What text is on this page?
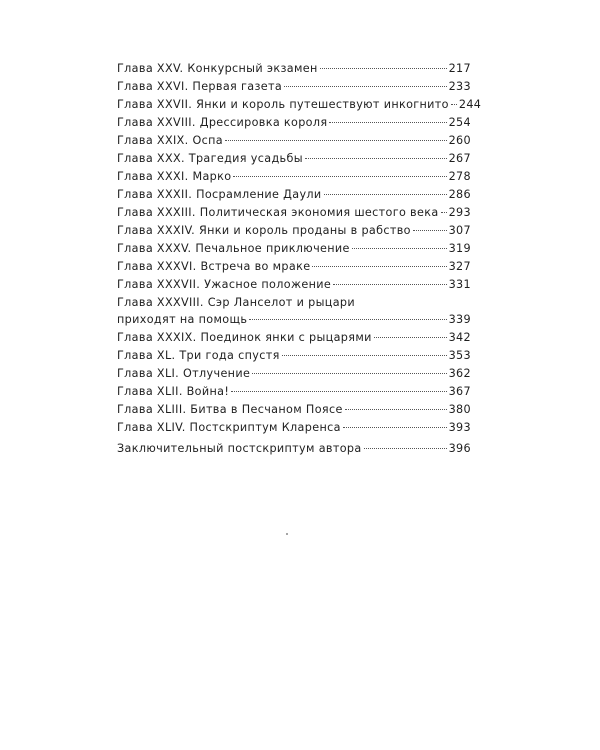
Глава XXV. Конкурсный экзамен	217
Глава XXVI. Первая газета	233
Глава XXVII. Янки и король путешествуют инкогнито 244
Глава XXVIII. Дрессировка короля	254
Глава XXIX. Оспа	260
Глава XXX. Трагедия усадьбы	267
Глава XXXI. Марко	278
Глава XXXII. Посрамление Даули	286
Глава XXXIII. Политическая экономия шестого века 293
Глава XXXIV. Янки и король проданы в рабство	307
Глава XXXV. Печальное приключение	319
Глава XXXVI. Встреча во мраке	327
Глава XXXVII. Ужасное положение	331
Глава XXXVIII. Сэр Ланселот и рыцари
приходят на помощь	339
Глава XXXIX. Поединок янки с рыцарями	342
Глава XL. Три года спустя	353
Глава XLI. Отлучение	362
Глава XLII. Война!	367
Глава XLIII. Битва в Песчаном Поясе	380
Глава XLIV. Постскриптум Кларенса	393
Заключительный постскриптум автора	396
